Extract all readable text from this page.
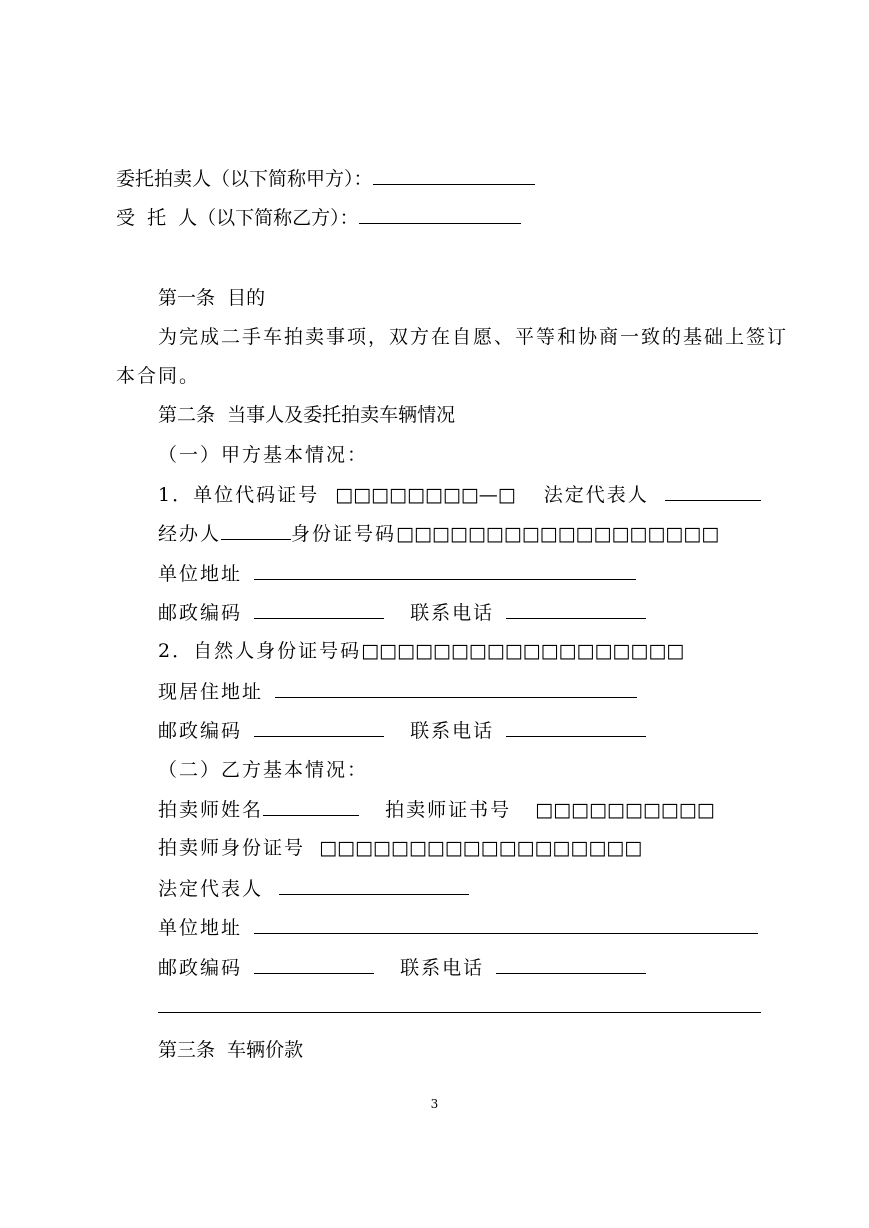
委托拍卖人（以下简称甲方）：
受  托  人（以下简称乙方）：
第一条  目的
为完成二手车拍卖事项，双方在自愿、平等和协商一致的基础上签订
本合同。
第二条  当事人及委托拍卖车辆情况
（一）甲方基本情况：
1．单位代码证号 □□□□□□□□—□ 法定代表人
经办人	身份证号码□□□□□□□□□□□□□□□□□□
单位地址
邮政编码	联系电话
2．自然人身份证号码□□□□□□□□□□□□□□□□□□
现居住地址
邮政编码	联系电话
（二）乙方基本情况：
拍卖师姓名	拍卖师证书号 □□□□□□□□□□
拍卖师身份证号 □□□□□□□□□□□□□□□□□□
法定代表人
单位地址
邮政编码	联系电话
第三条  车辆价款
3
